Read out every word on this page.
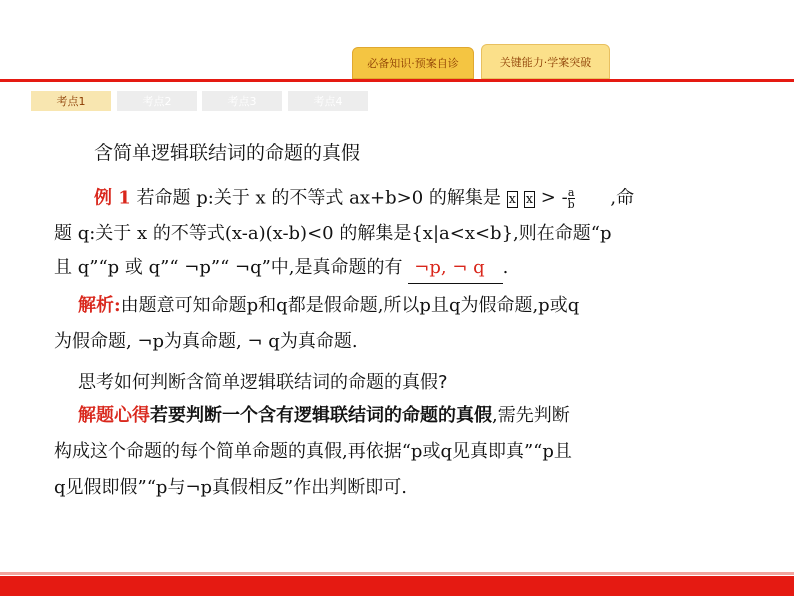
必备知识·预案自诊	关键能力·学案突破
考点1	考点2	考点3	考点4
含简单逻辑联结词的命题的真假
例 1 若命题 p:关于 x 的不等式 ax+b>0 的解集是 x x > - $\frac{a}{b}$ ,命
题 q:关于 x 的不等式(x-a)(x-b)<0 的解集是{x|a<x<b},则在命题“p
且 q”“p 或 q”“ ¬p”“ ¬q”中,是真命题的有 ¬p, ¬ q .
解析:由题意可知命题p和q都是假命题,所以p且q为假命题,p或q
为假命题, ¬p为真命题, ¬ q为真命题.
思考如何判断含简单逻辑联结词的命题的真假?
解题心得若要判断一个含有逻辑联结词的命题的真假,需先判断
构成这个命题的每个简单命题的真假,再依据“p或q见真即真”“p且
q见假即假”“p与¬p真假相反”作出判断即可.
